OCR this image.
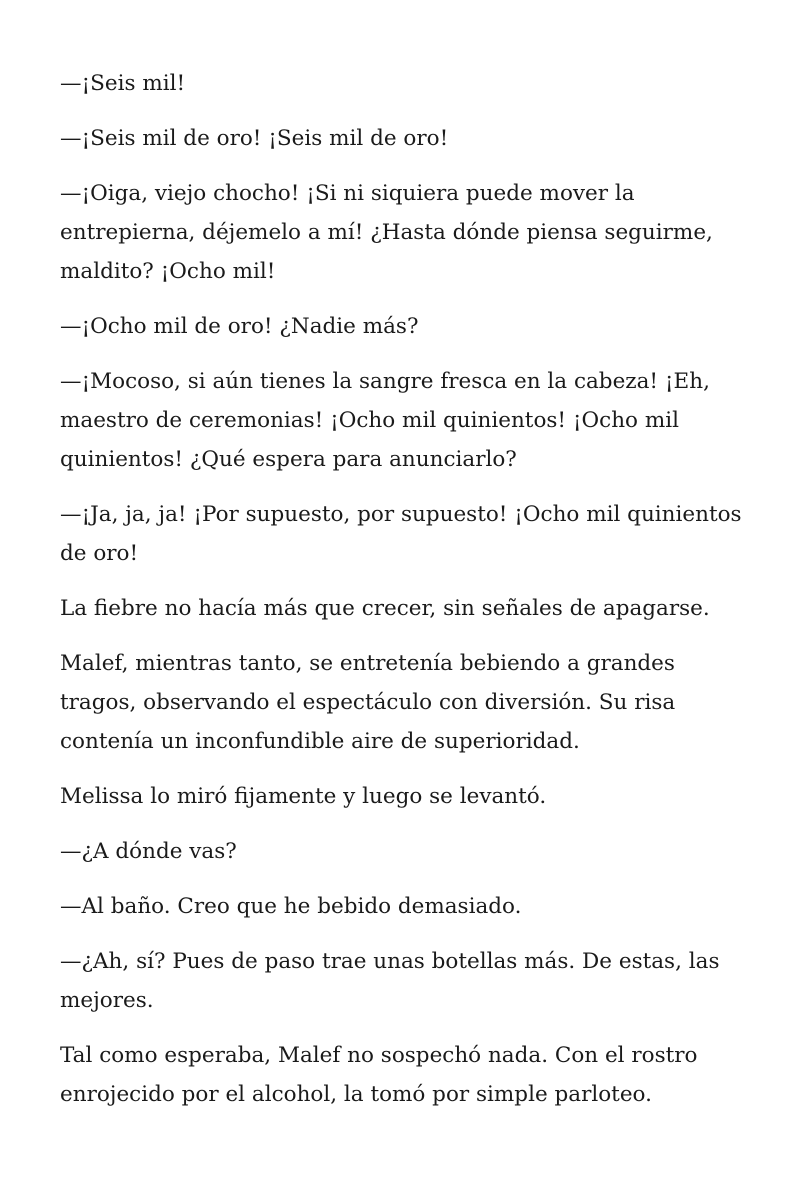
—¡Seis mil!

—¡Seis mil de oro! ¡Seis mil de oro!

—¡Oiga, viejo chocho! ¡Si ni siquiera puede mover la entrepierna, déjemelo a mí! ¿Hasta dónde piensa seguirme, maldito? ¡Ocho mil!

—¡Ocho mil de oro! ¿Nadie más?

—¡Mocoso, si aún tienes la sangre fresca en la cabeza! ¡Eh, maestro de ceremonias! ¡Ocho mil quinientos! ¡Ocho mil quinientos! ¿Qué espera para anunciarlo?

—¡Ja, ja, ja! ¡Por supuesto, por supuesto! ¡Ocho mil quinientos de oro!

La fiebre no hacía más que crecer, sin señales de apagarse.

Malef, mientras tanto, se entretenía bebiendo a grandes tragos, observando el espectáculo con diversión. Su risa contenía un inconfundible aire de superioridad.

Melissa lo miró fijamente y luego se levantó.

—¿A dónde vas?

—Al baño. Creo que he bebido demasiado.

—¿Ah, sí? Pues de paso trae unas botellas más. De estas, las mejores.

Tal como esperaba, Malef no sospechó nada. Con el rostro enrojecido por el alcohol, la tomó por simple parloteo.
